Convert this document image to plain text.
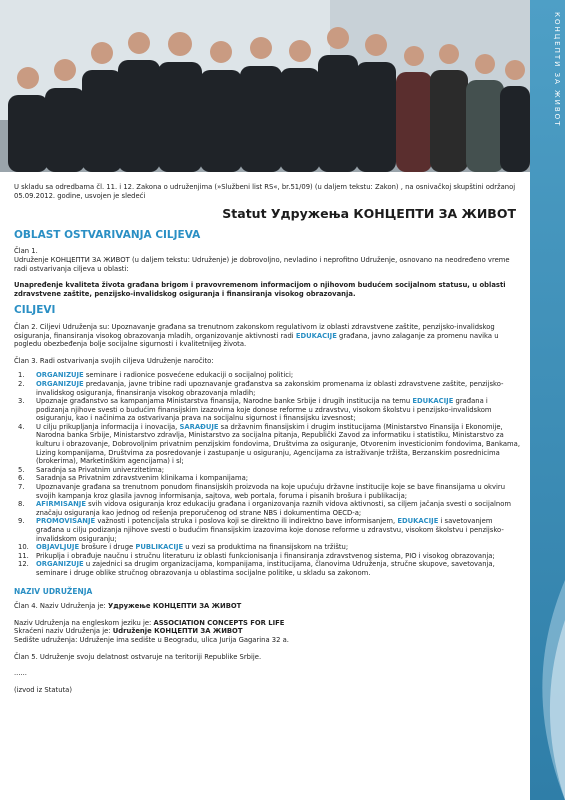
КОНЦЕПТИ ЗА ЖИВОТ

U skladu sa odredbama čl. 11. i 12. Zakona o udruženjima (»Službeni list RS«, br.51/09) (u daljem tekstu: Zakon) , na osnivačkoj skupštini održanoj 05.09.2012. godine, usvojen je sledeći

Statut Удружења КОНЦЕПТИ ЗА ЖИВОТ
OBLAST OSTVARIVANJA CILJEVA

Član 1.

Udruženje КОНЦЕПТИ ЗА ЖИВОТ (u daljem tekstu: Udruženje) je dobrovoljno, nevladino i neprofitno Udruženje, osnovano na neodređeno vreme radi ostvarivanja ciljeva u oblasti:

Unapređenje kvaliteta života građana brigom i pravovremenom informacijom o njihovom budućem socijalnom statusu, u oblasti zdravstvene zaštite, penzijsko-invalidskog osiguranja i finansiranja visokog obrazovanja.

CILJEVI

Član 2. Ciljevi Udruženja su: Upoznavanje građana sa trenutnom zakonskom regulativom iz oblasti zdravstvene zaštite, penzijsko-invalidskog osiguranja, finansiranja visokog obrazovanja mladih, organizovanje aktivnosti radi EDUKACIJE građana, javno zalaganje za promenu navika u pogledu obezbeđenja bolje socijalne sigurnosti i kvalitetnijeg života.

Član 3. Radi ostvarivanja svojih ciljeva Udruženje naročito:

1. ORGANIZUJE seminare i radionice posvećene edukaciji o socijalnoj politici;
2. ORGANIZUJE predavanja, javne tribine radi upoznavanje građanstva sa zakonskim promenama iz oblasti zdravstvene zaštite, penzijsko-invalidskog osiguranja, finansiranja visokog obrazovanja mladih;
3. Upoznaje građanstvo sa kampanjama Ministarstva finansija, Narodne banke Srbije i drugih institucija na temu EDUKACIJE građana i podizanja njihove svesti o budućim finansijskim izazovima koje donose reforme u zdravstvu, visokom školstvu i penzijsko-invalidskom osiguranju, kao i načinima za ostvarivanja prava na socijalnu sigurnost i finansijsku izvesnost;
4. U cilju prikupljanja informacija i inovacija, SARAĐUJE sa državnim finansijskim i drugim institucijama (Ministarstvo Finansija i Ekonomije, Narodna banka Srbije, Ministarstvo zdravlja, Ministarstvo za socijalna pitanja, Republički Zavod za informatiku i statistiku, Ministarstvo za kulturu i obrazovanje, Dobrovoljnim privatnim penzijskim fondovima, Društvima za osiguranje, Otvorenim investicionim fondovima, Bankama, Lizing kompanijama, Društvima za posredovanje i zastupanje u osiguranju, Agencijama za istraživanje tržišta, Berzanskim posrednicima (brokerima), Marketinškim agencijama) i sl;
5. Saradnja sa Privatnim univerzitetima;
6. Saradnja sa Privatnim zdravstvenim klinikama i kompanijama;
7. Upoznavanje građana sa trenutnom ponudom finansijskih proizvoda na koje upućuju državne institucije koje se bave finansijama u okviru svojih kampanja kroz glasila javnog informisanja, sajtova, web portala, foruma i pisanih brošura i publikacija;
8. AFIRMISANJE svih vidova osiguranja kroz edukaciju građana i organizovanja raznih vidova aktivnosti, sa ciljem jačanja svesti o socijalnom značaju osiguranja kao jednog od rešenja preporučenog od strane NBS i dokumentima OECD-a;
9. PROMOVISANJE važnosti i potencijala struka i poslova koji se direktno ili indirektno bave informisanjem, EDUKACIJE i savetovanjem građana u cilju podizanja njihove svesti o budućim finansijskim izazovima koje donose reforme u zdravstvu, visokom školstvu i penzijsko-invalidskom osiguranju;
10. OBJAVLJUJE brošure i druge PUBLIKACIJE u vezi sa produktima na finansijskom na tržištu;
11. Prikuplja i obrađuje naučnu i stručnu literaturu iz oblasti funkcionisanja i finansiranja zdravstvenog sistema, PIO i visokog obrazovanja;
12. ORGANIZUJE u zajednici sa drugim organizacijama, kompanijama, institucijama, članovima Udruženja, stručne skupove, savetovanja, seminare i druge oblike stručnog obrazovanja u oblastima socijalne politike, u skladu sa zakonom.
NAZIV UDRUŽENJA

Član 4. Naziv Udruženja je: Удружење КОНЦЕПТИ ЗА ЖИВОТ

Naziv Udruženja na engleskom jeziku je: ASSOCIATION CONCEPTS FOR LIFE

Skraćeni naziv Udruženja je: Udruženje КОНЦЕПТИ ЗА ЖИВОТ

Sedište udruženja: Udruženje ima sedište u Beogradu, ulica Jurija Gagarina 32 a.

Član 5. Udruženje svoju delatnost ostvaruje na teritoriji Republike Srbije.

......

(izvod iz Statuta)
